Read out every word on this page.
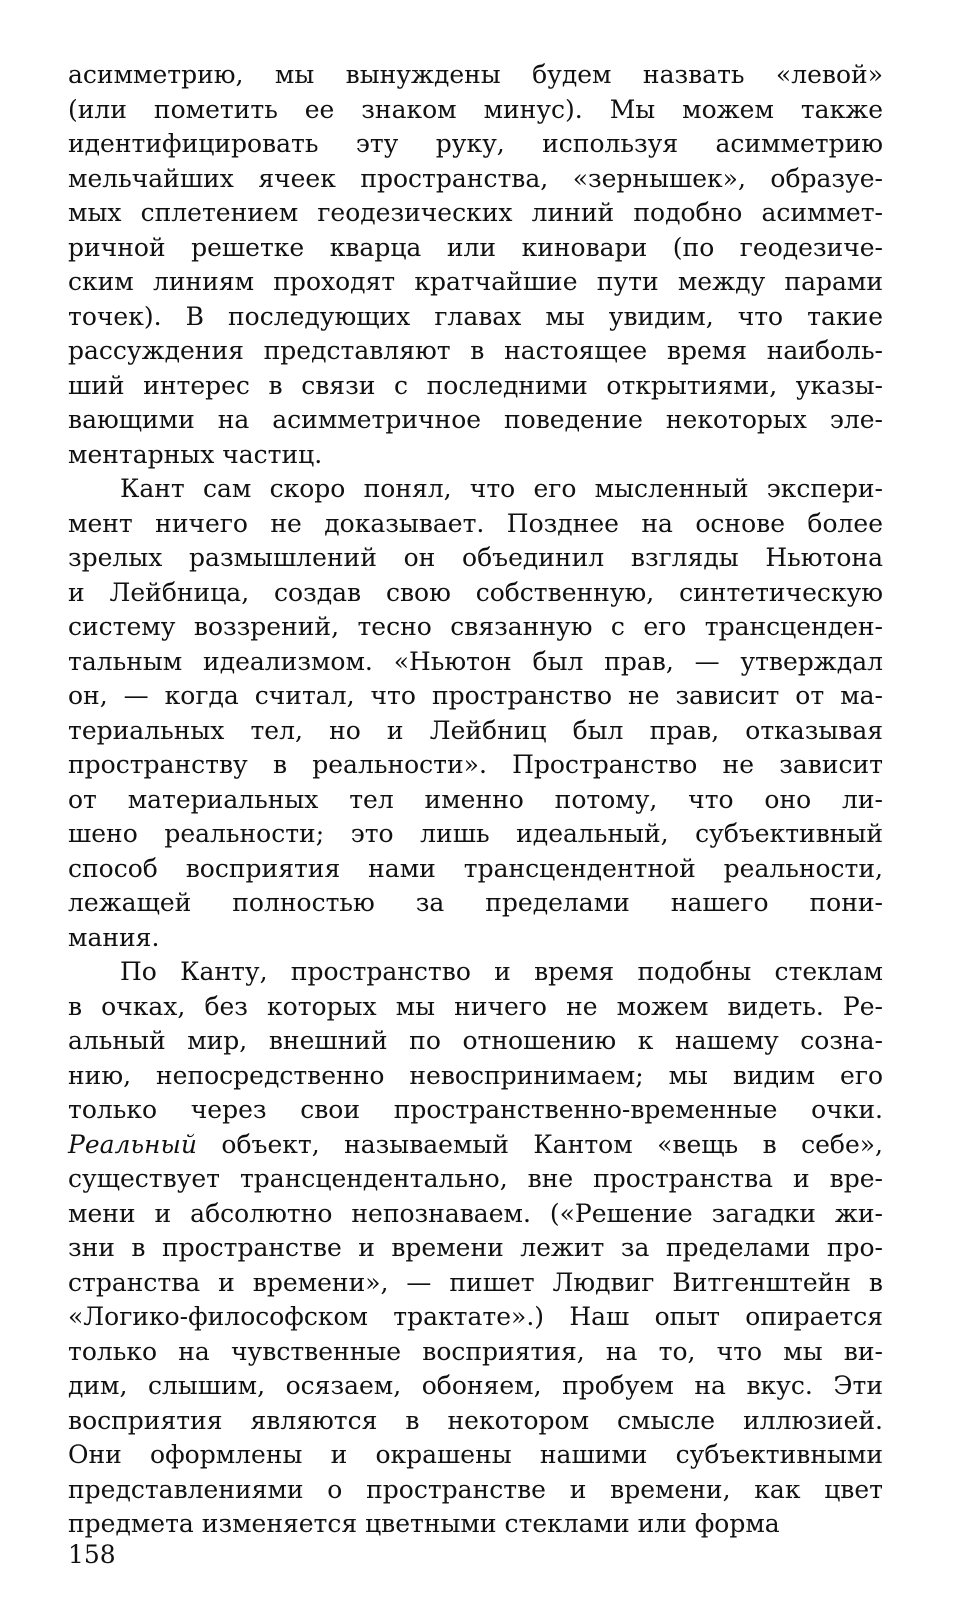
асимметрию, мы вынуждены будем назвать «левой»
(или пометить ее знаком минус). Мы можем также
идентифицировать эту руку, используя асимметрию
мельчайших ячеек пространства, «зернышек», образуе-
мых сплетением геодезических линий подобно асиммет-
ричной решетке кварца или киновари (по геодезиче-
ским линиям проходят кратчайшие пути между парами
точек). В последующих главах мы увидим, что такие
рассуждения представляют в настоящее время наиболь-
ший интерес в связи с последними открытиями, указы-
вающими на асимметричное поведение некоторых эле-
ментарных частиц.
Кант сам скоро понял, что его мысленный экспери-
мент ничего не доказывает. Позднее на основе более
зрелых размышлений он объединил взгляды Ньютона
и Лейбница, создав свою собственную, синтетическую
систему воззрений, тесно связанную с его трансценден-
тальным идеализмом. «Ньютон был прав, — утверждал
он, — когда считал, что пространство не зависит от ма-
териальных тел, но и Лейбниц был прав, отказывая
пространству в реальности». Пространство не зависит
от материальных тел именно потому, что оно ли-
шено реальности; это лишь идеальный, субъективный
способ восприятия нами трансцендентной реальности,
лежащей полностью за пределами нашего пони-
мания.
По Канту, пространство и время подобны стеклам
в очках, без которых мы ничего не можем видеть. Ре-
альный мир, внешний по отношению к нашему созна-
нию, непосредственно невоспринимаем; мы видим его
только через свои пространственно-временные очки.
Реальный объект, называемый Кантом «вещь в себе»,
существует трансцендентально, вне пространства и вре-
мени и абсолютно непознаваем. («Решение загадки жи-
зни в пространстве и времени лежит за пределами про-
странства и времени», — пишет Людвиг Витгенштейн в
«Логико-философском трактате».) Наш опыт опирается
только на чувственные восприятия, на то, что мы ви-
дим, слышим, осязаем, обоняем, пробуем на вкус. Эти
восприятия являются в некотором смысле иллюзией.
Они оформлены и окрашены нашими субъективными
представлениями о пространстве и времени, как цвет
предмета изменяется цветными стеклами или форма
158
